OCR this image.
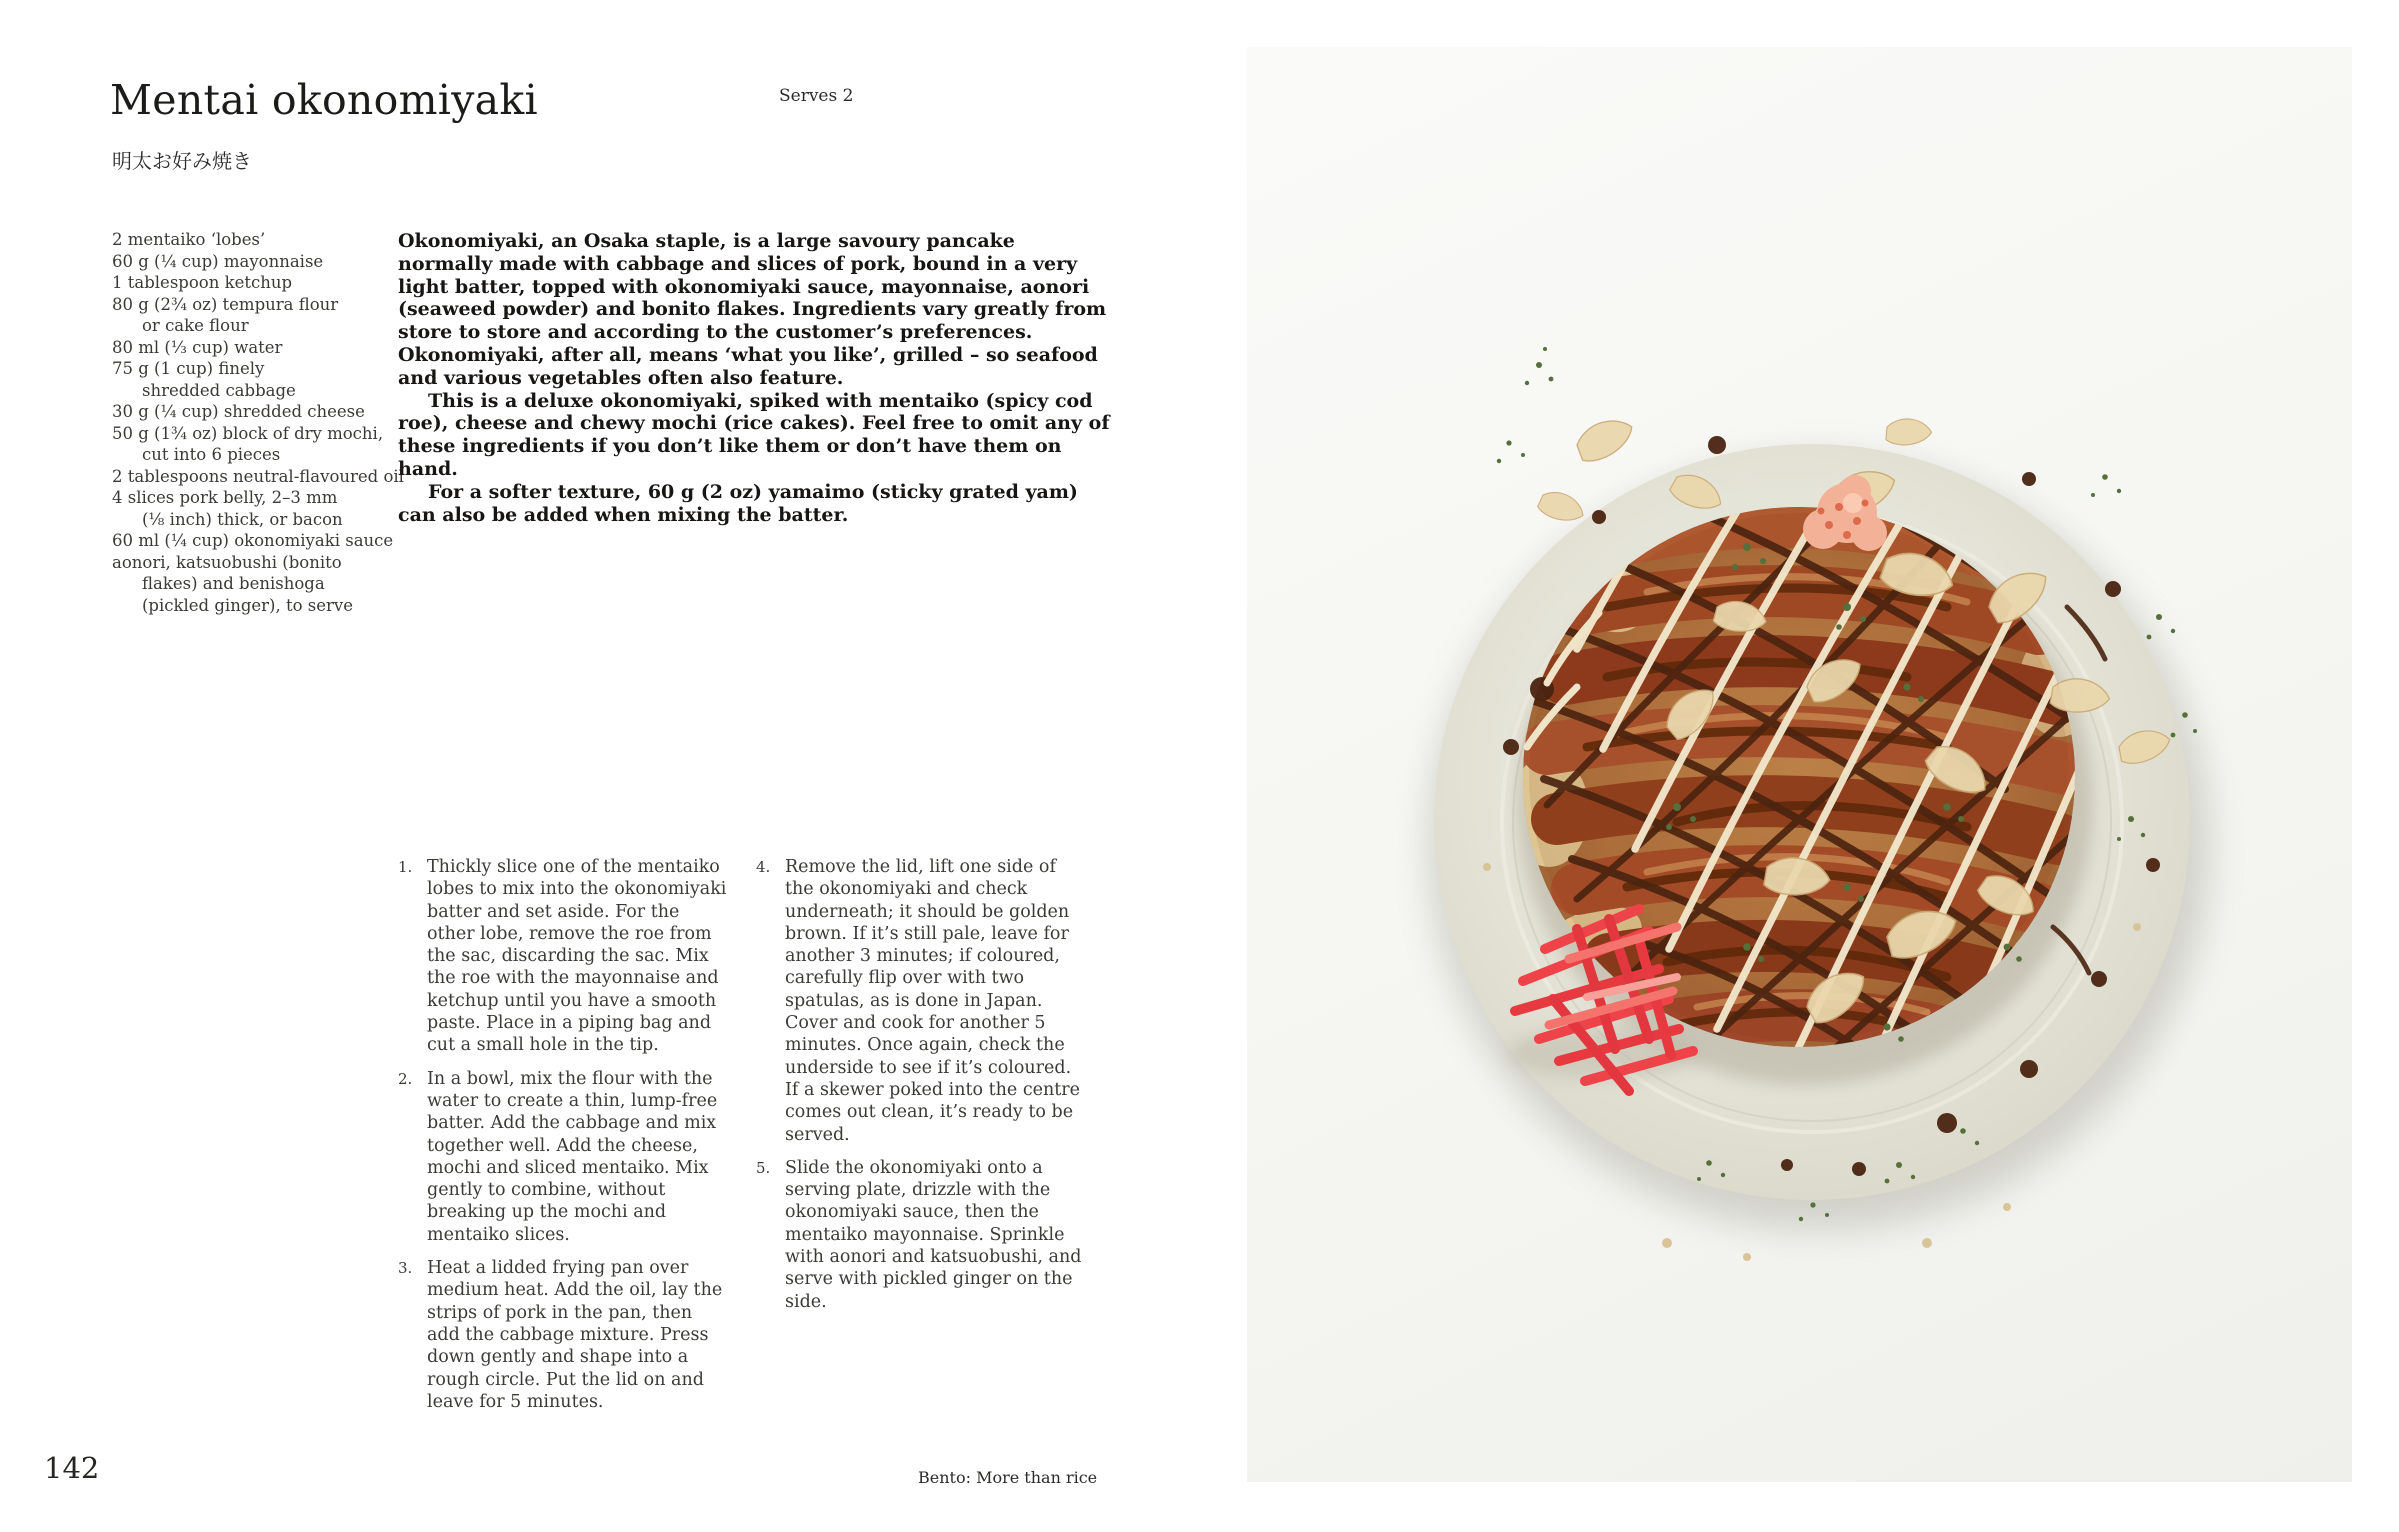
Mentai okonomiyaki
明太お好み焼き
Serves 2
2 mentaiko ‘lobes’
60 g (¼ cup) mayonnaise
1 tablespoon ketchup
80 g (2¾ oz) tempura flour
or cake flour
80 ml (⅓ cup) water
75 g (1 cup) finely
shredded cabbage
30 g (¼ cup) shredded cheese
50 g (1¾ oz) block of dry mochi,
cut into 6 pieces
2 tablespoons neutral-flavoured oil
4 slices pork belly, 2–3 mm
(⅛ inch) thick, or bacon
60 ml (¼ cup) okonomiyaki sauce
aonori, katsuobushi (bonito
flakes) and benishoga
(pickled ginger), to serve

Okonomiyaki, an Osaka staple, is a large savoury pancake normally made with cabbage and slices of pork, bound in a very light batter, topped with okonomiyaki sauce, mayonnaise, aonori (seaweed powder) and bonito flakes. Ingredients vary greatly from store to store and according to the customer’s preferences. Okonomiyaki, after all, means ‘what you like’, grilled – so seafood and various vegetables often also feature.

This is a deluxe okonomiyaki, spiked with mentaiko (spicy cod roe), cheese and chewy mochi (rice cakes). Feel free to omit any of these ingredients if you don’t like them or don’t have them on hand.

For a softer texture, 60 g (2 oz) yamaimo (sticky grated yam) can also be added when mixing the batter.

1. Thickly slice one of the mentaiko lobes to mix into the okonomiyaki batter and set aside. For the other lobe, remove the roe from the sac, discarding the sac. Mix the roe with the mayonnaise and ketchup until you have a smooth paste. Place in a piping bag and cut a small hole in the tip.
2. In a bowl, mix the flour with the water to create a thin, lump-free batter. Add the cabbage and mix together well. Add the cheese, mochi and sliced mentaiko. Mix gently to combine, without breaking up the mochi and mentaiko slices.
3. Heat a lidded frying pan over medium heat. Add the oil, lay the strips of pork in the pan, then add the cabbage mixture. Press down gently and shape into a rough circle. Put the lid on and leave for 5 minutes.
4. Remove the lid, lift one side of the okonomiyaki and check underneath; it should be golden brown. If it’s still pale, leave for another 3 minutes; if coloured, carefully flip over with two spatulas, as is done in Japan. Cover and cook for another 5 minutes. Once again, check the underside to see if it’s coloured. If a skewer poked into the centre comes out clean, it’s ready to be served.
5. Slide the okonomiyaki onto a serving plate, drizzle with the okonomiyaki sauce, then the mentaiko mayonnaise. Sprinkle with aonori and katsuobushi, and serve with pickled ginger on the side.
142	Bento: More than rice
